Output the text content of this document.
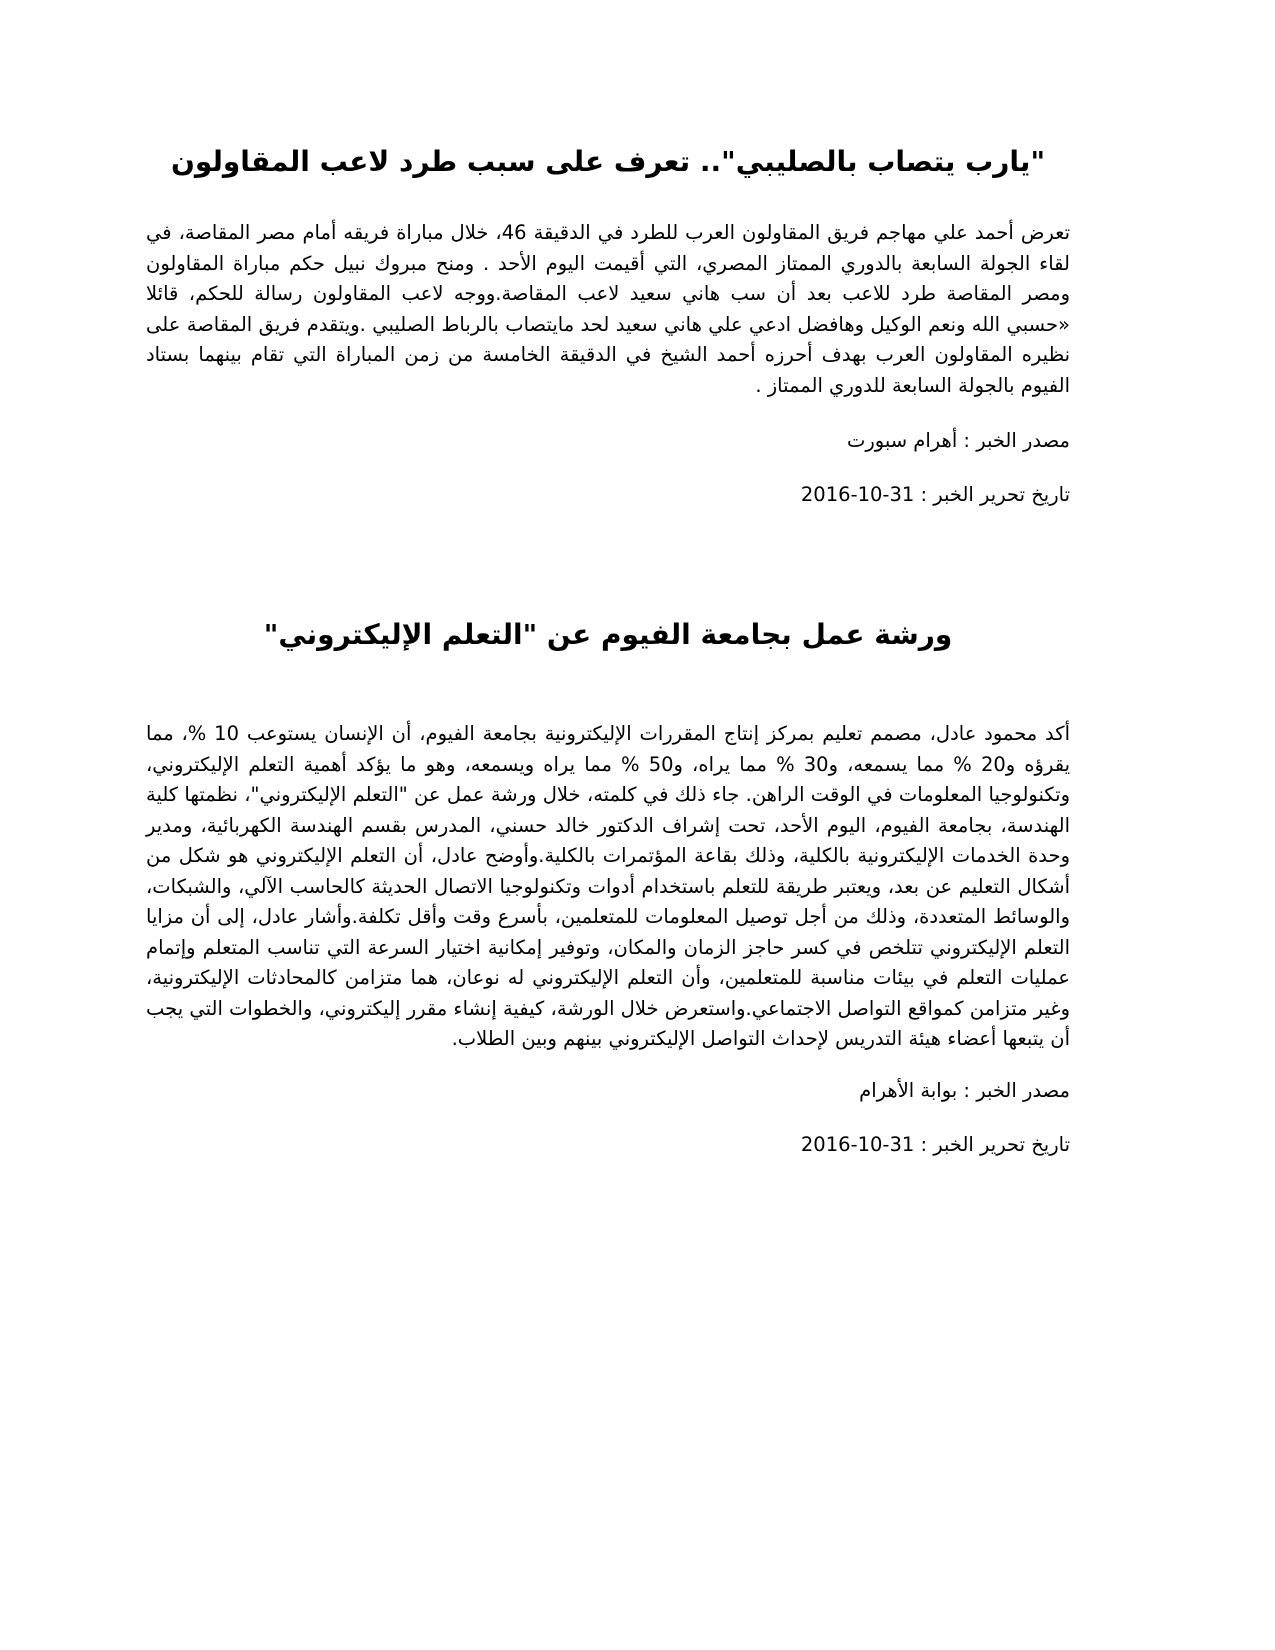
"يارب يتصاب بالصليبي".. تعرف على سبب طرد لاعب المقاولون

تعرض أحمد علي مهاجم فريق المقاولون العرب للطرد في الدقيقة 46، خلال مباراة فريقه أمام مصر المقاصة، في لقاء الجولة السابعة بالدوري الممتاز المصري، التي أقيمت اليوم الأحد . ومنح مبروك نبيل حكم مباراة المقاولون ومصر المقاصة طرد للاعب بعد أن سب هاني سعيد لاعب المقاصة.ووجه لاعب المقاولون رسالة للحكم، قائلا «حسبي الله ونعم الوكيل وهافضل ادعي علي هاني سعيد لحد مايتصاب بالرباط الصليبي .ويتقدم فريق المقاصة على نظيره المقاولون العرب بهدف أحرزه أحمد الشيخ في الدقيقة الخامسة من زمن المباراة التي تقام بينهما بستاد الفيوم بالجولة السابعة للدوري الممتاز .

مصدر الخبر : أهرام سبورت

تاريخ تحرير الخبر : 31-10-2016

ورشة عمل بجامعة الفيوم عن "التعلم الإليكتروني"

أكد محمود عادل، مصمم تعليم بمركز إنتاج المقررات الإليكترونية بجامعة الفيوم، أن الإنسان يستوعب 10 %، مما يقرؤه و20 % مما يسمعه، و30 % مما يراه، و50 % مما يراه ويسمعه، وهو ما يؤكد أهمية التعلم الإليكتروني، وتكنولوجيا المعلومات في الوقت الراهن. جاء ذلك في كلمته، خلال ورشة عمل عن "التعلم الإليكتروني"، نظمتها كلية الهندسة، بجامعة الفيوم، اليوم الأحد، تحت إشراف الدكتور خالد حسني، المدرس بقسم الهندسة الكهربائية، ومدير وحدة الخدمات الإليكترونية بالكلية، وذلك بقاعة المؤتمرات بالكلية.وأوضح عادل، أن التعلم الإليكتروني هو شكل من أشكال التعليم عن بعد، ويعتبر طريقة للتعلم باستخدام أدوات وتكنولوجيا الاتصال الحديثة كالحاسب الآلي، والشبكات، والوسائط المتعددة، وذلك من أجل توصيل المعلومات للمتعلمين، بأسرع وقت وأقل تكلفة.وأشار عادل، إلى أن مزايا التعلم الإليكتروني تتلخص في كسر حاجز الزمان والمكان، وتوفير إمكانية اختيار السرعة التي تناسب المتعلم وإتمام عمليات التعلم في بيئات مناسبة للمتعلمين، وأن التعلم الإليكتروني له نوعان، هما متزامن كالمحادثات الإليكترونية، وغير متزامن كمواقع التواصل الاجتماعي.واستعرض خلال الورشة، كيفية إنشاء مقرر إليكتروني، والخطوات التي يجب أن يتبعها أعضاء هيئة التدريس لإحداث التواصل الإليكتروني بينهم وبين الطلاب.

مصدر الخبر : بوابة الأهرام

تاريخ تحرير الخبر : 31-10-2016
